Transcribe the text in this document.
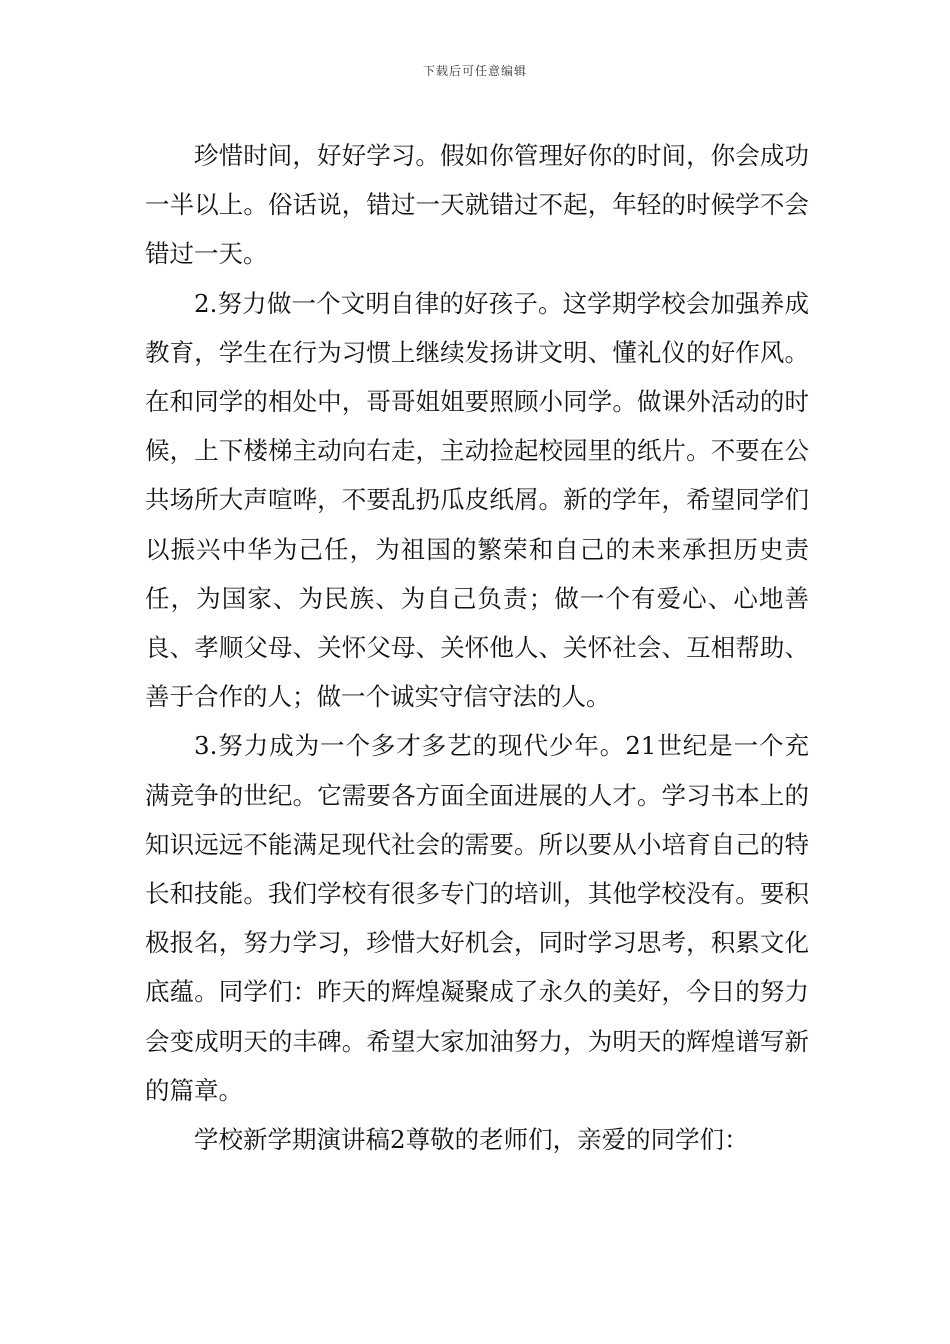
下载后可任意编辑

珍惜时间，好好学习。假如你管理好你的时间，你会成功一半以上。俗话说，错过一天就错过不起，年轻的时候学不会错过一天。

2.努力做一个文明自律的好孩子。这学期学校会加强养成教育，学生在行为习惯上继续发扬讲文明、懂礼仪的好作风。在和同学的相处中，哥哥姐姐要照顾小同学。做课外活动的时候，上下楼梯主动向右走，主动捡起校园里的纸片。不要在公共场所大声喧哗，不要乱扔瓜皮纸屑。新的学年，希望同学们以振兴中华为己任，为祖国的繁荣和自己的未来承担历史责任，为国家、为民族、为自己负责；做一个有爱心、心地善良、孝顺父母、关怀父母、关怀他人、关怀社会、互相帮助、善于合作的人；做一个诚实守信守法的人。

3.努力成为一个多才多艺的现代少年。21世纪是一个充满竞争的世纪。它需要各方面全面进展的人才。学习书本上的知识远远不能满足现代社会的需要。所以要从小培育自己的特长和技能。我们学校有很多专门的培训，其他学校没有。要积极报名，努力学习，珍惜大好机会，同时学习思考，积累文化底蕴。同学们：昨天的辉煌凝聚成了永久的美好，今日的努力会变成明天的丰碑。希望大家加油努力，为明天的辉煌谱写新的篇章。

学校新学期演讲稿2尊敬的老师们，亲爱的同学们：
